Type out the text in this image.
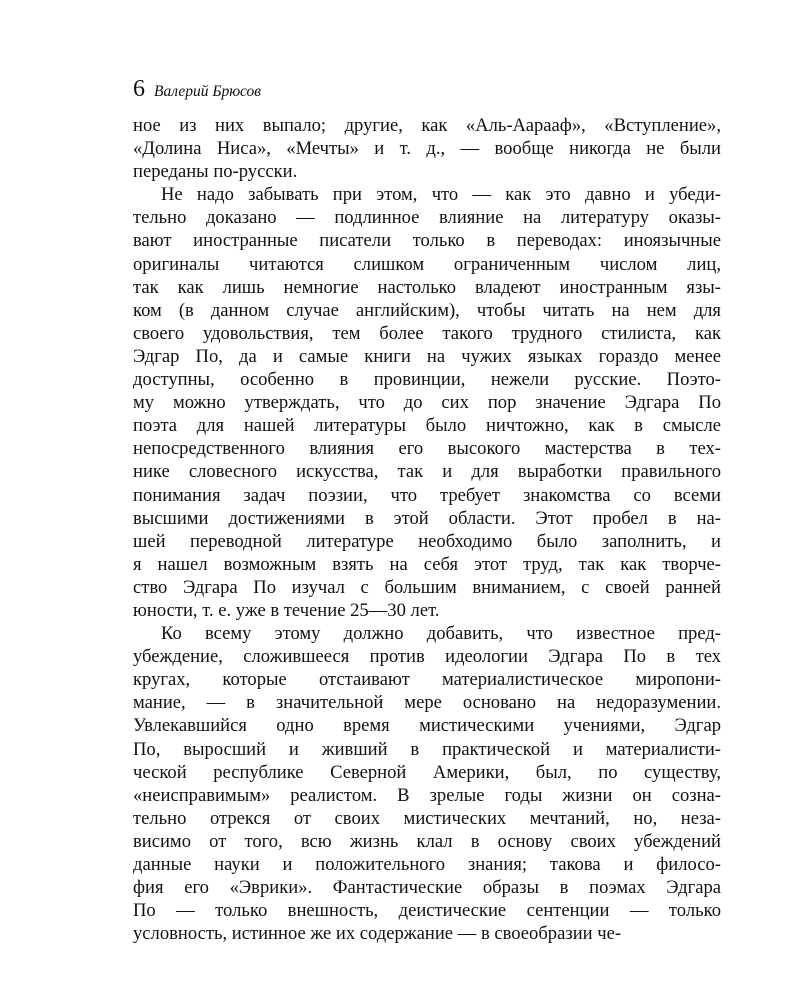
6 Валерий Брюсов
ное из них выпало; другие, как «Аль-Аарааф», «Вступление»,
«Долина Ниса», «Мечты» и т. д., — вообще никогда не были
переданы по-русски.
Не надо забывать при этом, что — как это давно и убеди-
тельно доказано — подлинное влияние на литературу оказы-
вают иностранные писатели только в переводах: иноязычные
оригиналы читаются слишком ограниченным числом лиц,
так как лишь немногие настолько владеют иностранным язы-
ком (в данном случае английским), чтобы читать на нем для
своего удовольствия, тем более такого трудного стилиста, как
Эдгар По, да и самые книги на чужих языках гораздо менее
доступны, особенно в провинции, нежели русские. Поэто-
му можно утверждать, что до сих пор значение Эдгара По
поэта для нашей литературы было ничтожно, как в смысле
непосредственного влияния его высокого мастерства в тех-
нике словесного искусства, так и для выработки правильного
понимания задач поэзии, что требует знакомства со всеми
высшими достижениями в этой области. Этот пробел в на-
шей переводной литературе необходимо было заполнить, и
я нашел возможным взять на себя этот труд, так как творче-
ство Эдгара По изучал с большим вниманием, с своей ранней
юности, т. е. уже в течение 25—30 лет.
Ко всему этому должно добавить, что известное пред-
убеждение, сложившееся против идеологии Эдгара По в тех
кругах, которые отстаивают материалистическое миропони-
мание, — в значительной мере основано на недоразумении.
Увлекавшийся одно время мистическими учениями, Эдгар
По, выросший и живший в практической и материалисти-
ческой республике Северной Америки, был, по существу,
«неисправимым» реалистом. В зрелые годы жизни он созна-
тельно отрекся от своих мистических мечтаний, но, неза-
висимо от того, всю жизнь клал в основу своих убеждений
данные науки и положительного знания; такова и филосо-
фия его «Эврики». Фантастические образы в поэмах Эдгара
По — только внешность, деистические сентенции — только
условность, истинное же их содержание — в своеобразии че-
